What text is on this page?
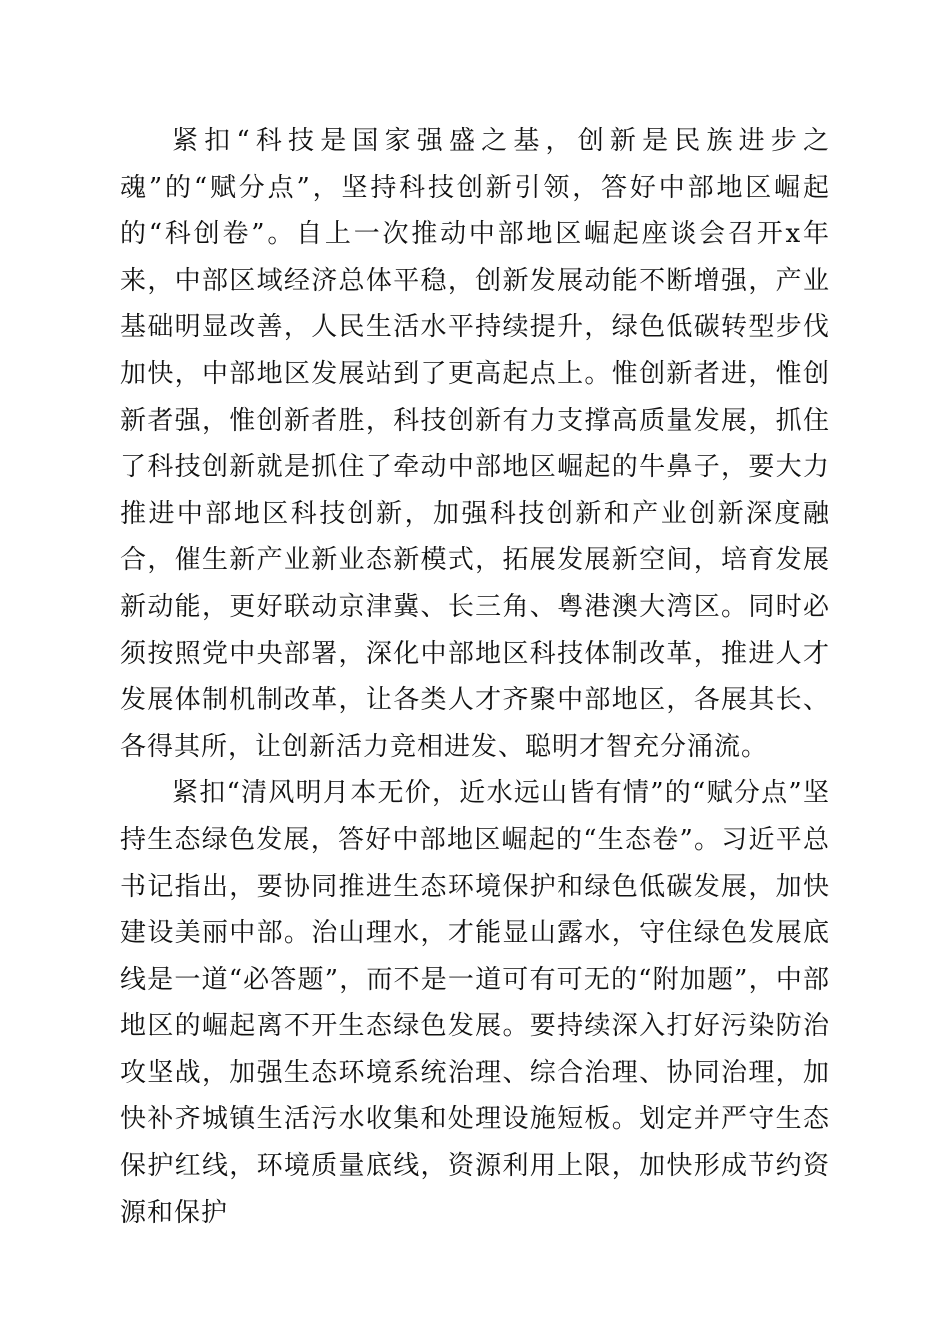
紧扣“科技是国家强盛之基，创新是民族进步之魂”的“赋分点”，坚持科技创新引领，答好中部地区崛起的“科创卷”。自上一次推动中部地区崛起座谈会召开x年来，中部区域经济总体平稳，创新发展动能不断增强，产业基础明显改善，人民生活水平持续提升，绿色低碳转型步伐加快，中部地区发展站到了更高起点上。惟创新者进，惟创新者强，惟创新者胜，科技创新有力支撑高质量发展，抓住了科技创新就是抓住了牵动中部地区崛起的牛鼻子，要大力推进中部地区科技创新，加强科技创新和产业创新深度融合，催生新产业新业态新模式，拓展发展新空间，培育发展新动能，更好联动京津冀、长三角、粤港澳大湾区。同时必须按照党中央部署，深化中部地区科技体制改革，推进人才发展体制机制改革，让各类人才齐聚中部地区，各展其长、各得其所，让创新活力竞相进发、聪明才智充分涌流。

紧扣“清风明月本无价，近水远山皆有情”的“赋分点”坚持生态绿色发展，答好中部地区崛起的“生态卷”。习近平总书记指出，要协同推进生态环境保护和绿色低碳发展，加快建设美丽中部。治山理水，才能显山露水，守住绿色发展底线是一道“必答题”，而不是一道可有可无的“附加题”，中部地区的崛起离不开生态绿色发展。要持续深入打好污染防治攻坚战，加强生态环境系统治理、综合治理、协同治理，加快补齐城镇生活污水收集和处理设施短板。划定并严守生态保护红线，环境质量底线，资源利用上限，加快形成节约资源和保护
